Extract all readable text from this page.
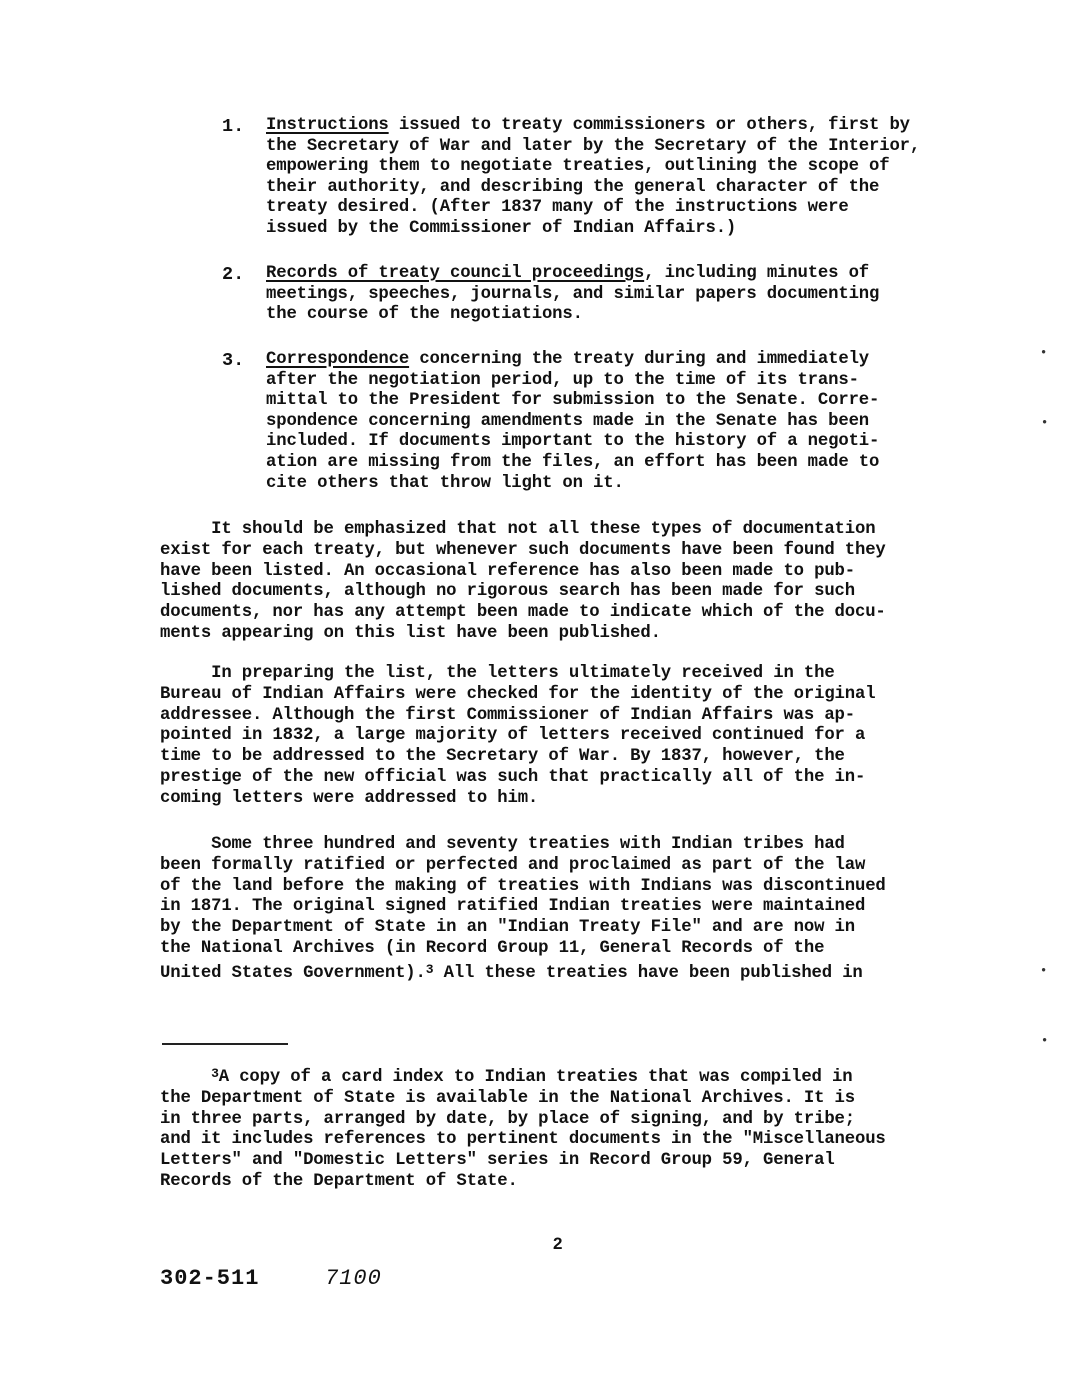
1. Instructions issued to treaty commissioners or others, first by
the Secretary of War and later by the Secretary of the Interior,
empowering them to negotiate treaties, outlining the scope of
their authority, and describing the general character of the
treaty desired. (After 1837 many of the instructions were
issued by the Commissioner of Indian Affairs.)
2. Records of treaty council proceedings, including minutes of
meetings, speeches, journals, and similar papers documenting
the course of the negotiations.
3. Correspondence concerning the treaty during and immediately
after the negotiation period, up to the time of its trans-
mittal to the President for submission to the Senate. Corre-
spondence concerning amendments made in the Senate has been
included. If documents important to the history of a negoti-
ation are missing from the files, an effort has been made to
cite others that throw light on it.
It should be emphasized that not all these types of documentation
exist for each treaty, but whenever such documents have been found they
have been listed. An occasional reference has also been made to pub-
lished documents, although no rigorous search has been made for such
documents, nor has any attempt been made to indicate which of the docu-
ments appearing on this list have been published.
In preparing the list, the letters ultimately received in the
Bureau of Indian Affairs were checked for the identity of the original
addressee. Although the first Commissioner of Indian Affairs was ap-
pointed in 1832, a large majority of letters received continued for a
time to be addressed to the Secretary of War. By 1837, however, the
prestige of the new official was such that practically all of the in-
coming letters were addressed to him.
Some three hundred and seventy treaties with Indian tribes had
been formally ratified or perfected and proclaimed as part of the law
of the land before the making of treaties with Indians was discontinued
in 1871. The original signed ratified Indian treaties were maintained
by the Department of State in an "Indian Treaty File" and are now in
the National Archives (in Record Group 11, General Records of the
United States Government).$^3$ All these treaties have been published in
$^3$A copy of a card index to Indian treaties that was compiled in
the Department of State is available in the National Archives. It is
in three parts, arranged by date, by place of signing, and by tribe;
and it includes references to pertinent documents in the "Miscellaneous
Letters" and "Domestic Letters" series in Record Group 59, General
Records of the Department of State.
2
302-511	7100
•
•
•
•
